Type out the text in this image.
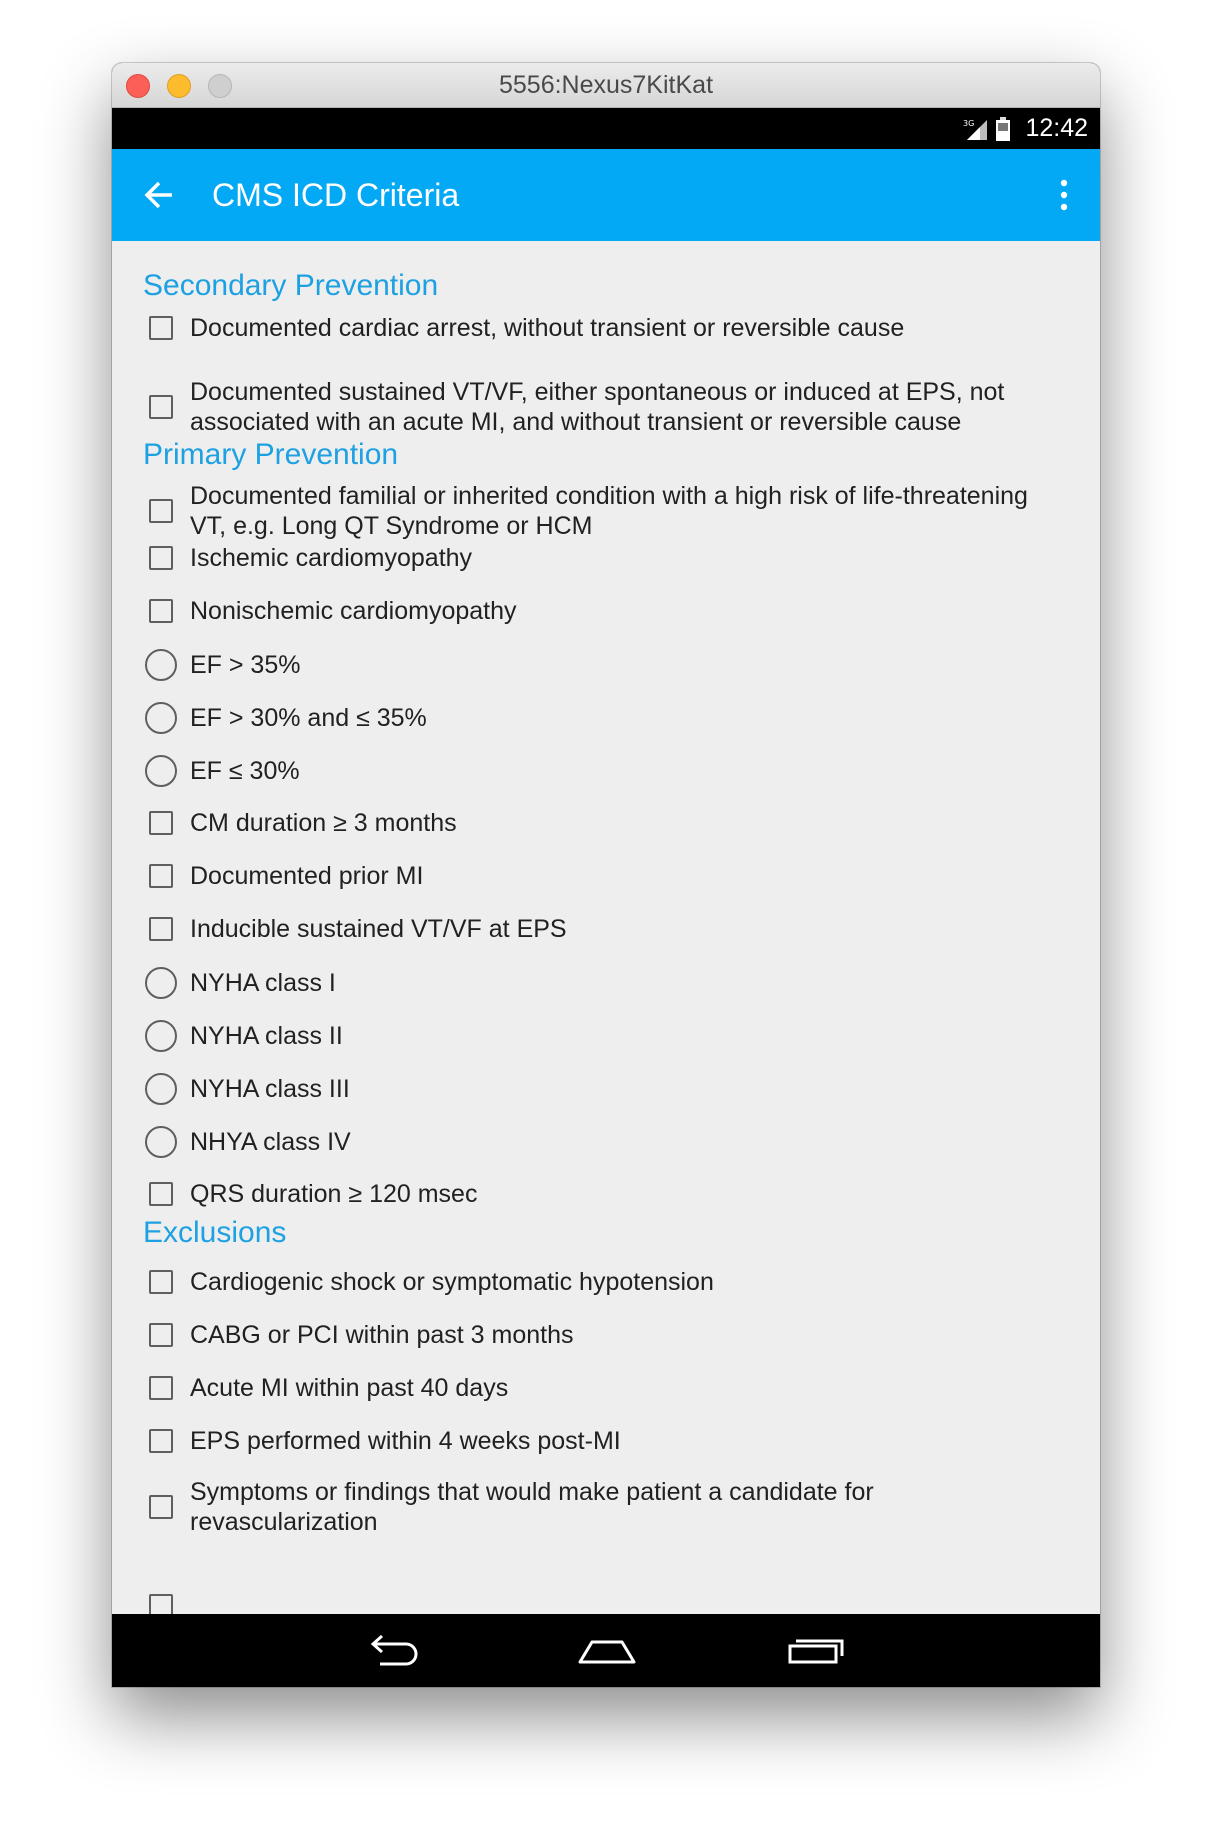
5556:Nexus7KitKat
3G 12:42
CMS ICD Criteria
Secondary Prevention
Documented cardiac arrest, without transient or reversible cause
Documented sustained VT/VF, either spontaneous or induced at EPS, not associated with an acute MI, and without transient or reversible cause
Primary Prevention
Documented familial or inherited condition with a high risk of life-threatening VT, e.g. Long QT Syndrome or HCM
Ischemic cardiomyopathy
Nonischemic cardiomyopathy
EF > 35%
EF > 30% and ≤ 35%
EF ≤ 30%
CM duration ≥ 3 months
Documented prior MI
Inducible sustained VT/VF at EPS
NYHA class I
NYHA class II
NYHA class III
NHYA class IV
QRS duration ≥ 120 msec
Exclusions
Cardiogenic shock or symptomatic hypotension
CABG or PCI within past 3 months
Acute MI within past 40 days
EPS performed within 4 weeks post-MI
Symptoms or findings that would make patient a candidate for revascularization
